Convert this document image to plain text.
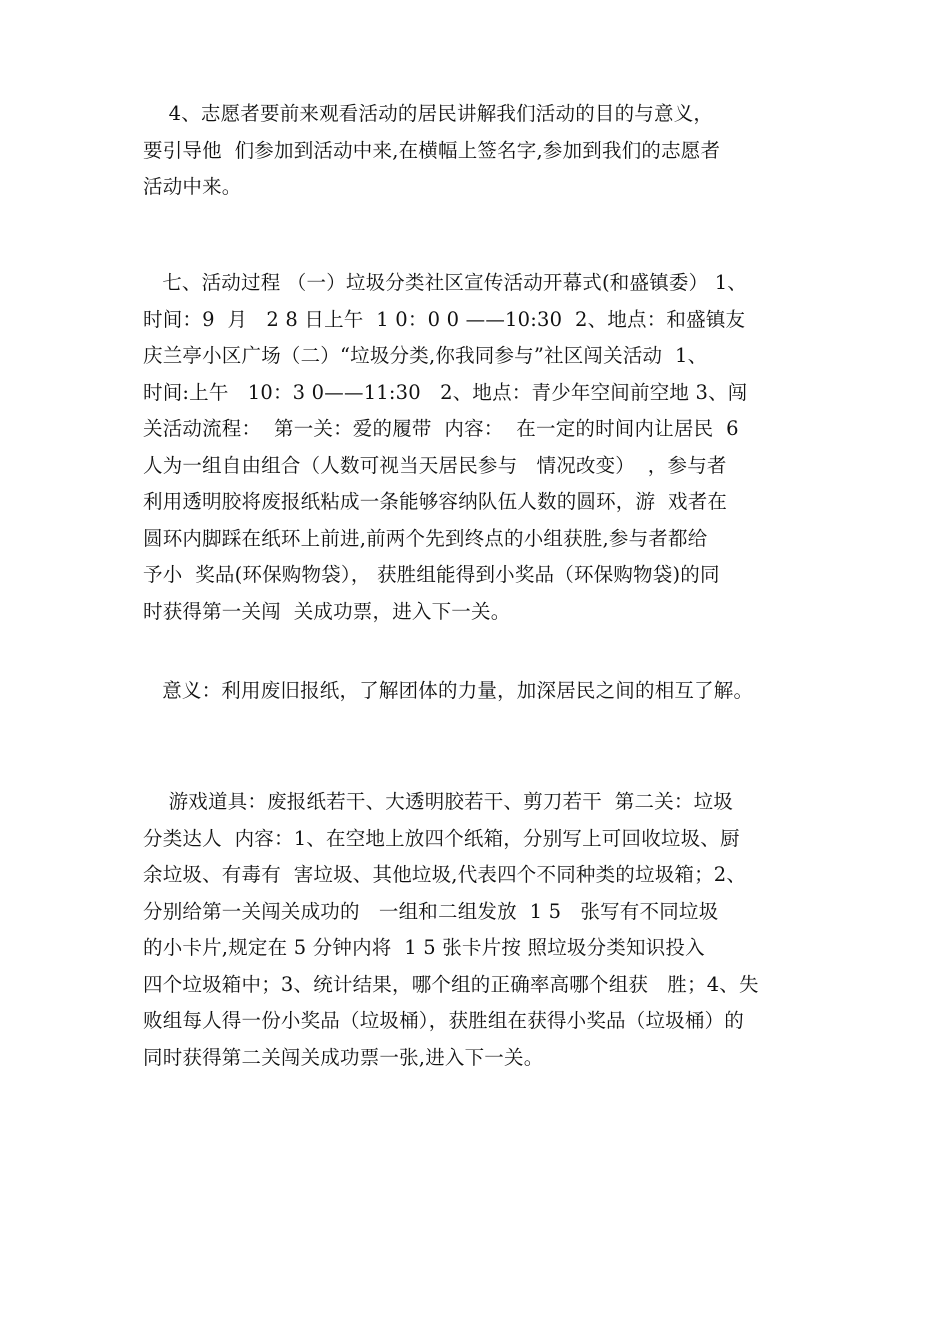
4、志愿者要前来观看活动的居民讲解我们活动的目的与意义，
要引导他  们参加到活动中来,在横幅上签名字,参加到我们的志愿者
活动中来。
七、活动过程 （一）垃圾分类社区宣传活动开幕式(和盛镇委） 1、
时间：9  月   2 8 日上午  1 0：0 0 ——10:30  2、地点：和盛镇友
庆兰亭小区广场（二）“垃圾分类,你我同参与”社区闯关活动  1、
时间:上午   10：3 0——11:30   2、地点：青少年空间前空地 3、闯
关活动流程：  第一关：爱的履带  内容：  在一定的时间内让居民  6
人为一组自由组合（人数可视当天居民参与   情况改变）  ，参与者
利用透明胶将废报纸粘成一条能够容纳队伍人数的圆环，游  戏者在
圆环内脚踩在纸环上前进,前两个先到终点的小组获胜,参与者都给
予小  奖品(环保购物袋）， 获胜组能得到小奖品（环保购物袋)的同
时获得第一关闯  关成功票，进入下一关。
意义：利用废旧报纸，了解团体的力量，加深居民之间的相互了解。
游戏道具：废报纸若干、大透明胶若干、剪刀若干  第二关：垃圾
分类达人  内容：1、在空地上放四个纸箱，分别写上可回收垃圾、厨
余垃圾、有毒有  害垃圾、其他垃圾,代表四个不同种类的垃圾箱；2、
分别给第一关闯关成功的   一组和二组发放  1 5   张写有不同垃圾
的小卡片,规定在 5 分钟内将  1 5 张卡片按 照垃圾分类知识投入
四个垃圾箱中；3、统计结果，哪个组的正确率高哪个组获   胜；4、失
败组每人得一份小奖品（垃圾桶），获胜组在获得小奖品（垃圾桶）的
同时获得第二关闯关成功票一张,进入下一关。
